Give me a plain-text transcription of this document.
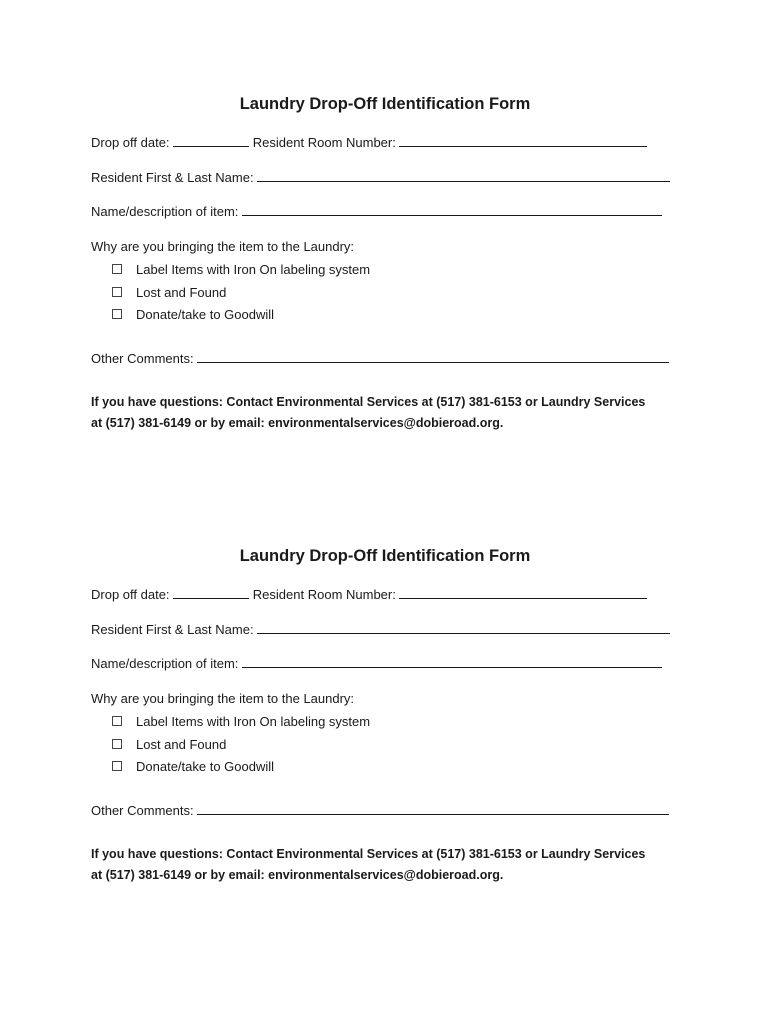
Laundry Drop-Off Identification Form
Drop off date:	Resident Room Number:
Resident First & Last Name:
Name/description of item:
Why are you bringing the item to the Laundry:
Label Items with Iron On labeling system
Lost and Found
Donate/take to Goodwill
Other Comments:
If you have questions: Contact Environmental Services at (517) 381-6153 or Laundry Services
at (517) 381-6149 or by email: environmentalservices@dobieroad.org.
Laundry Drop-Off Identification Form
Drop off date:	Resident Room Number:
Resident First & Last Name:
Name/description of item:
Why are you bringing the item to the Laundry:
Label Items with Iron On labeling system
Lost and Found
Donate/take to Goodwill
Other Comments:
If you have questions: Contact Environmental Services at (517) 381-6153 or Laundry Services
at (517) 381-6149 or by email: environmentalservices@dobieroad.org.
